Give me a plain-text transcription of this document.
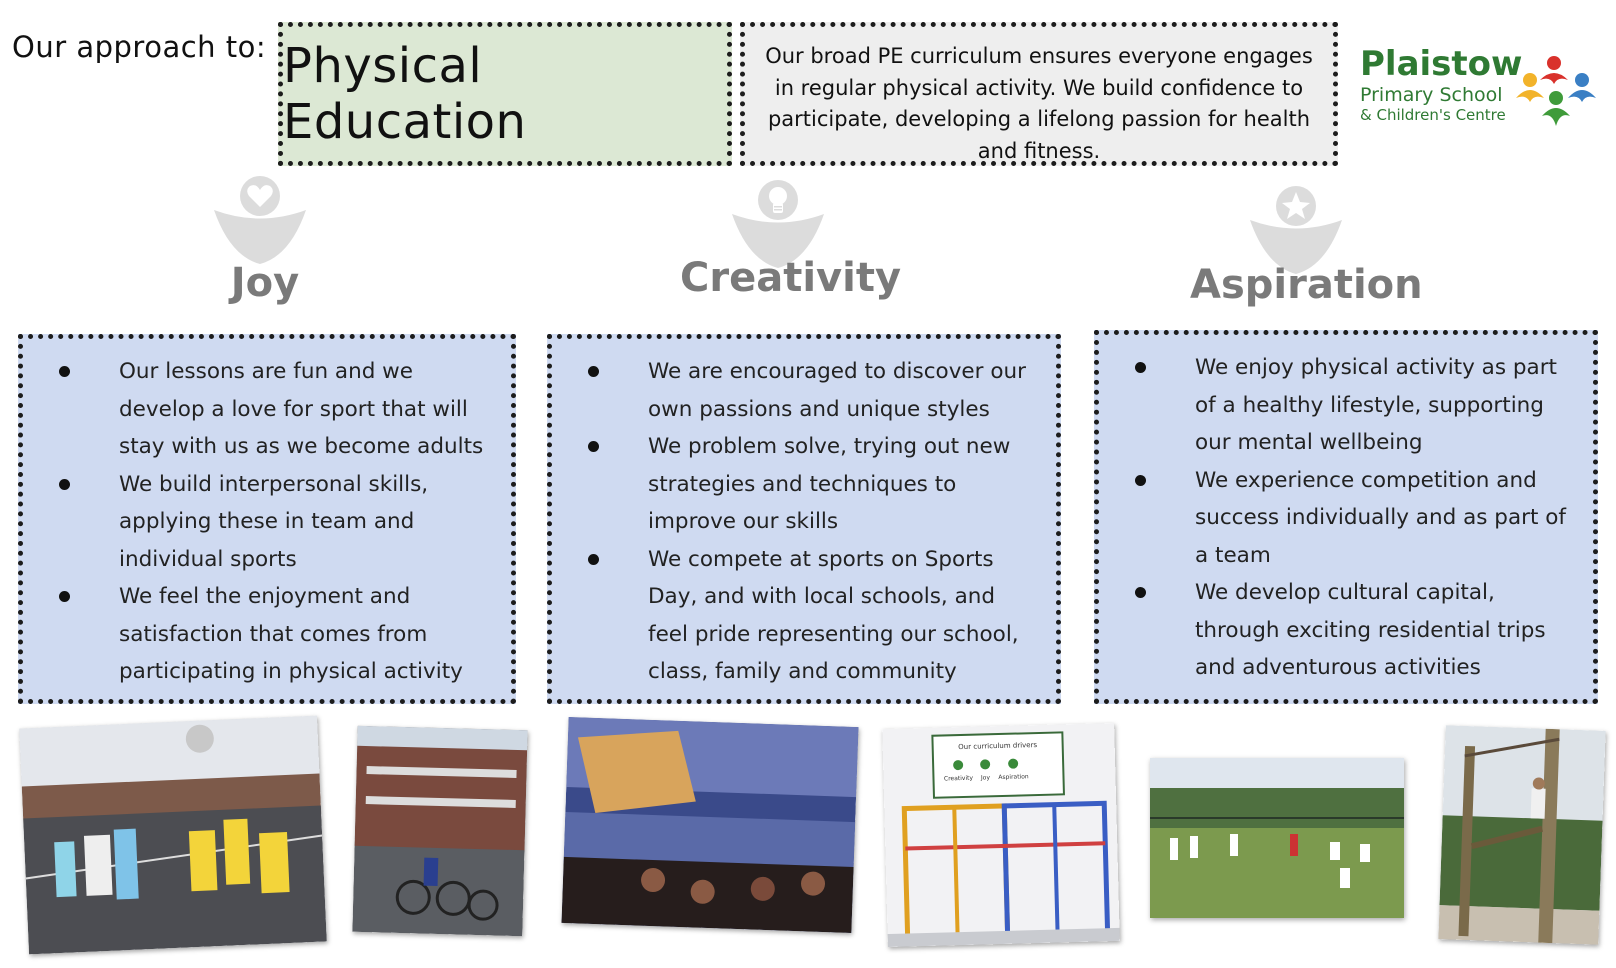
Our approach to: Physical Education
Our broad PE curriculum ensures everyone engages in regular physical activity. We build confidence to participate, developing a lifelong passion for health and fitness.
Plaistow
Primary School
& Children's Centre
Joy	Creativity	Aspiration
Our lessons are fun and we develop a love for sport that will stay with us as we become adults
We build interpersonal skills, applying these in team and individual sports
We feel the enjoyment and satisfaction that comes from participating in physical activity
We are encouraged to discover our own passions and unique styles
We problem solve, trying out new strategies and techniques to improve our skills
We compete at sports on Sports Day, and with local schools, and feel pride representing our school, class, family and community
We enjoy physical activity as part of a healthy lifestyle, supporting our mental wellbeing
We experience competition and success individually and as part of a team
We develop cultural capital, through exciting residential trips and adventurous activities
Our curriculum drivers
Creativity Joy Aspiration
